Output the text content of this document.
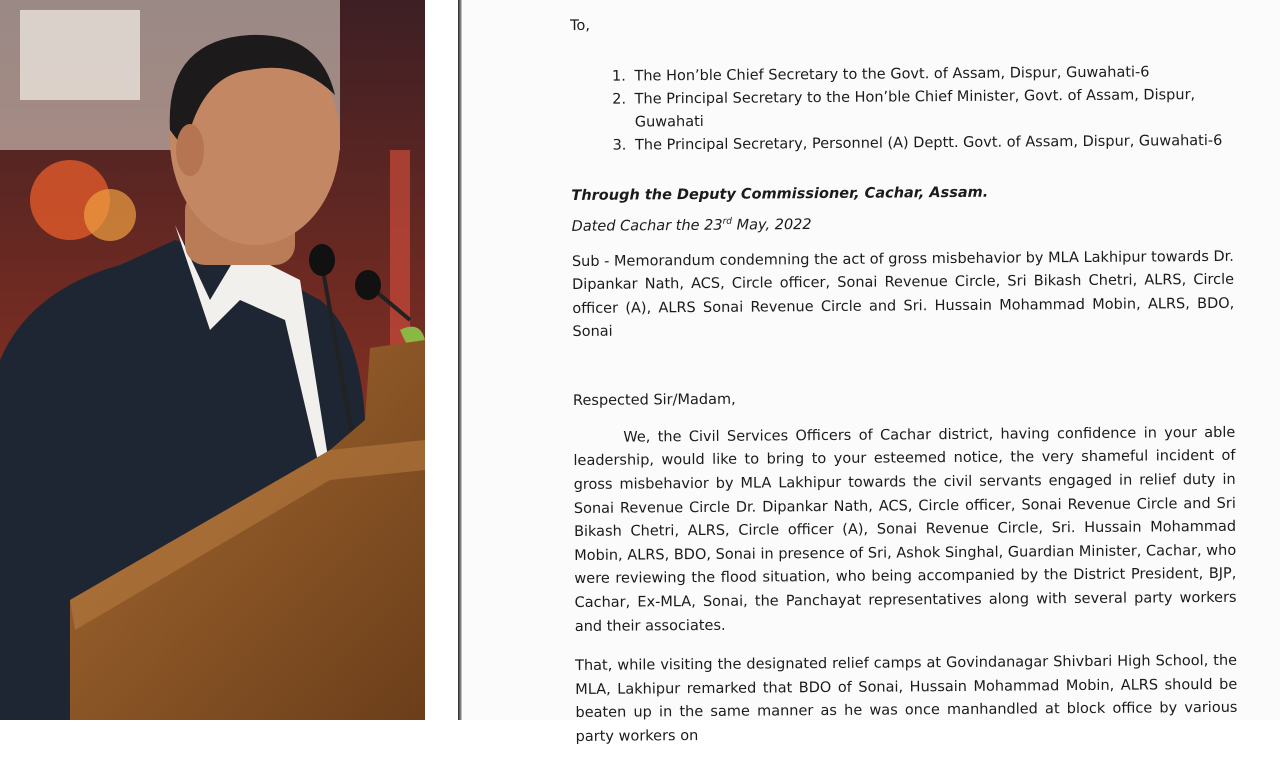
To,

1. The Hon’ble Chief Secretary to the Govt. of Assam, Dispur, Guwahati-6
2. The Principal Secretary to the Hon’ble Chief Minister, Govt. of Assam, Dispur, Guwahati
3. The Principal Secretary, Personnel (A) Deptt. Govt. of Assam, Dispur, Guwahati-6

Through the Deputy Commissioner, Cachar, Assam.

Dated Cachar the 23rd May, 2022

Sub - Memorandum condemning the act of gross misbehavior by MLA Lakhipur towards Dr. Dipankar Nath, ACS, Circle officer, Sonai Revenue Circle, Sri Bikash Chetri, ALRS, Circle officer (A), ALRS Sonai Revenue Circle and Sri. Hussain Mohammad Mobin, ALRS, BDO, Sonai

Respected Sir/Madam,

We, the Civil Services Officers of Cachar district, having confidence in your able leadership, would like to bring to your esteemed notice, the very shameful incident of gross misbehavior by MLA Lakhipur towards the civil servants engaged in relief duty in Sonai Revenue Circle Dr. Dipankar Nath, ACS, Circle officer, Sonai Revenue Circle and Sri Bikash Chetri, ALRS, Circle officer (A), Sonai Revenue Circle, Sri. Hussain Mohammad Mobin, ALRS, BDO, Sonai in presence of Sri, Ashok Singhal, Guardian Minister, Cachar, who were reviewing the flood situation, who being accompanied by the District President, BJP, Cachar, Ex-MLA, Sonai, the Panchayat representatives along with several party workers and their associates.

That, while visiting the designated relief camps at Govindanagar Shivbari High School, the MLA, Lakhipur remarked that BDO of Sonai, Hussain Mohammad Mobin, ALRS should be beaten up in the same manner as he was once manhandled at block office by various party workers on
